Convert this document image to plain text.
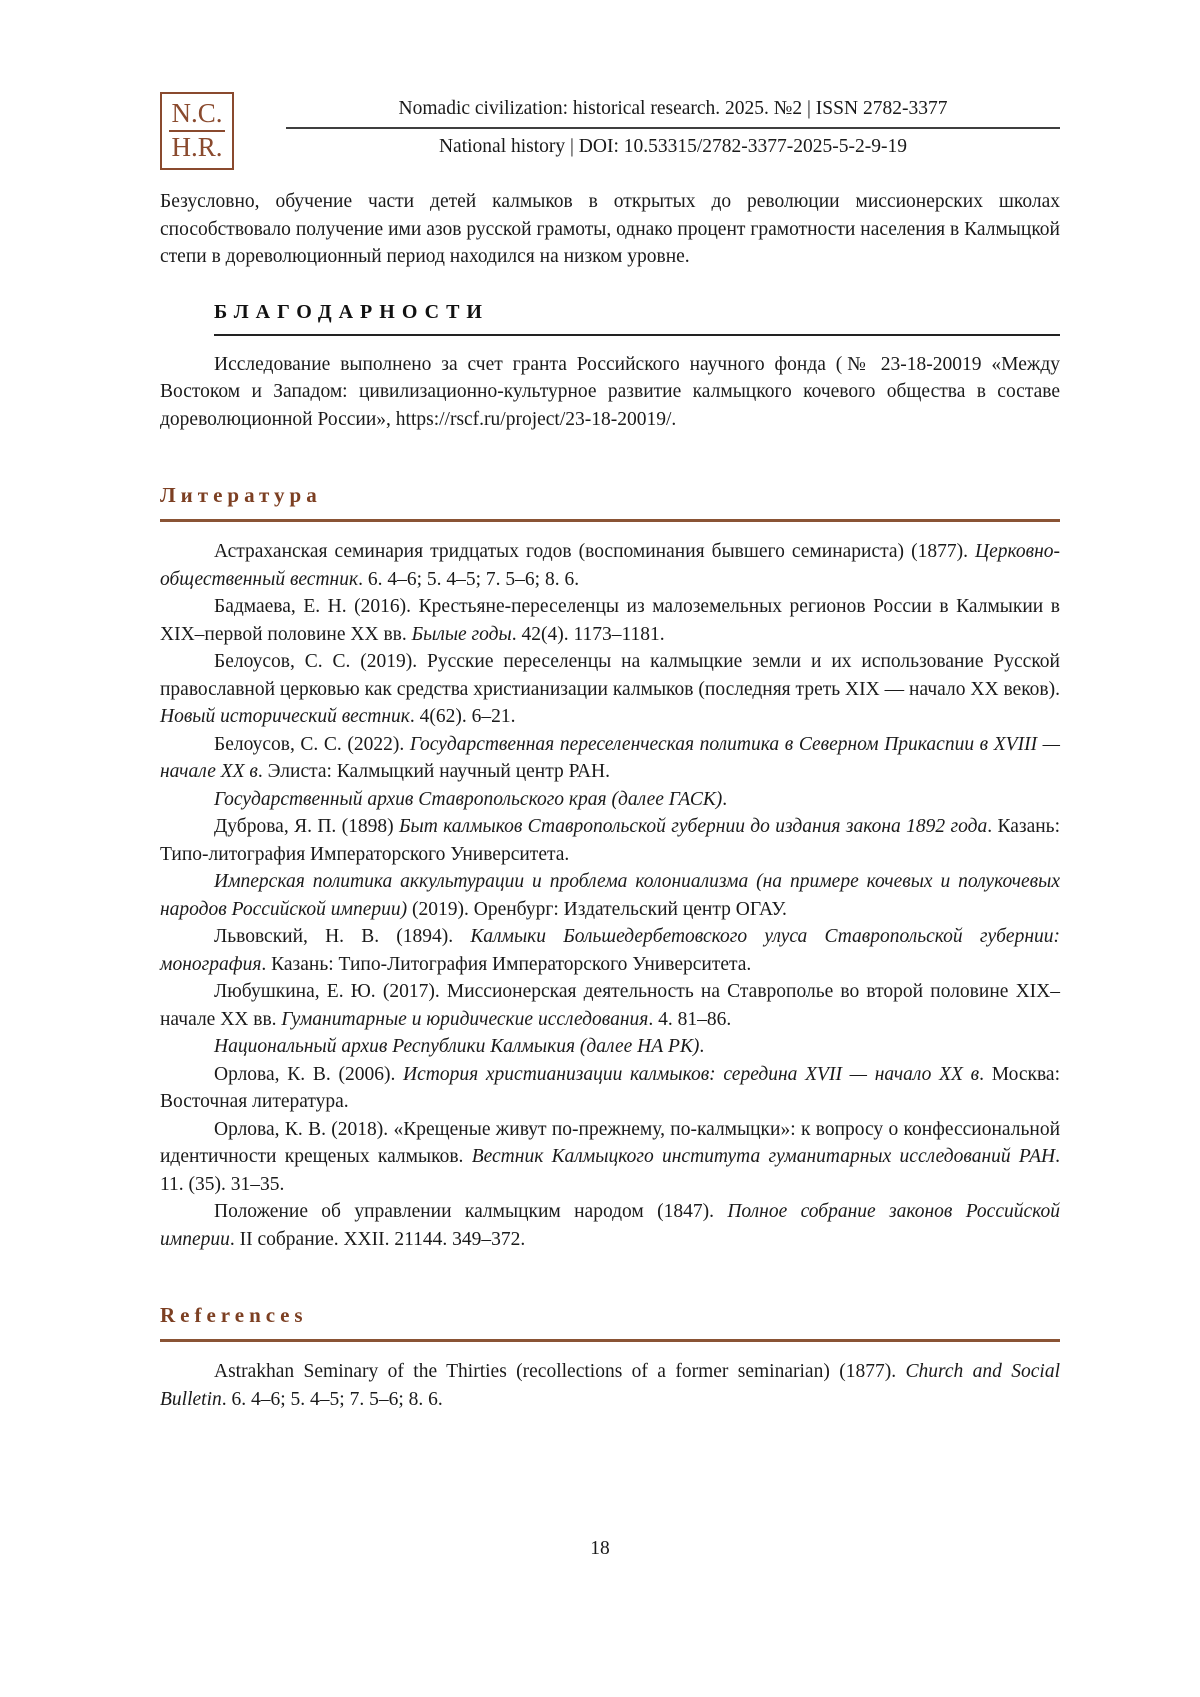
N.C.
H.R.
Nomadic civilization: historical research. 2025. №2 | ISSN 2782-3377
National history | DOI: 10.53315/2782-3377-2025-5-2-9-19

Безусловно, обучение части детей калмыков в открытых до революции миссионерских школах способствовало получение ими азов русской грамоты, однако процент грамотности населения в Калмыцкой степи в дореволюционный период находился на низком уровне.

БЛАГОДАРНОСТИ

Исследование выполнено за счет гранта Российского научного фонда (№ 23-18-20019 «Между Востоком и Западом: цивилизационно-культурное развитие калмыцкого кочевого общества в составе дореволюционной России», https://rscf.ru/project/23-18-20019/.

Литература

Астраханская семинария тридцатых годов (воспоминания бывшего семинариста) (1877). Церковно-общественный вестник. 6. 4–6; 5. 4–5; 7. 5–6; 8. 6.

Бадмаева, Е. Н. (2016). Крестьяне-переселенцы из малоземельных регионов России в Калмыкии в XIX–первой половине XX вв. Былые годы. 42(4). 1173–1181.

Белоусов, С. С. (2019). Русские переселенцы на калмыцкие земли и их использование Русской православной церковью как средства христианизации калмыков (последняя треть XIX — начало XX веков). Новый исторический вестник. 4(62). 6–21.

Белоусов, С. С. (2022). Государственная переселенческая политика в Северном Прикаспии в XVIII — начале XX в. Элиста: Калмыцкий научный центр РАН.

Государственный архив Ставропольского края (далее ГАСК).

Дуброва, Я. П. (1898) Быт калмыков Ставропольской губернии до издания закона 1892 года. Казань: Типо-литография Императорского Университета.

Имперская политика аккультурации и проблема колониализма (на примере кочевых и полукочевых народов Российской империи) (2019). Оренбург: Издательский центр ОГАУ.

Львовский, Н. В. (1894). Калмыки Большедербетовского улуса Ставропольской губернии: монография. Казань: Типо-Литография Императорского Университета.

Любушкина, Е. Ю. (2017). Миссионерская деятельность на Ставрополье во второй половине XIX–начале XX вв. Гуманитарные и юридические исследования. 4. 81–86.

Национальный архив Республики Калмыкия (далее НА РК).

Орлова, К. В. (2006). История христианизации калмыков: середина XVII — начало XX в. Москва: Восточная литература.

Орлова, К. В. (2018). «Крещеные живут по-прежнему, по-калмыцки»: к вопросу о конфессиональной идентичности крещеных калмыков. Вестник Калмыцкого института гуманитарных исследований РАН. 11. (35). 31–35.

Положение об управлении калмыцким народом (1847). Полное собрание законов Российской империи. II собрание. XXII. 21144. 349–372.

References

Astrakhan Seminary of the Thirties (recollections of a former seminarian) (1877). Church and Social Bulletin. 6. 4–6; 5. 4–5; 7. 5–6; 8. 6.

18
